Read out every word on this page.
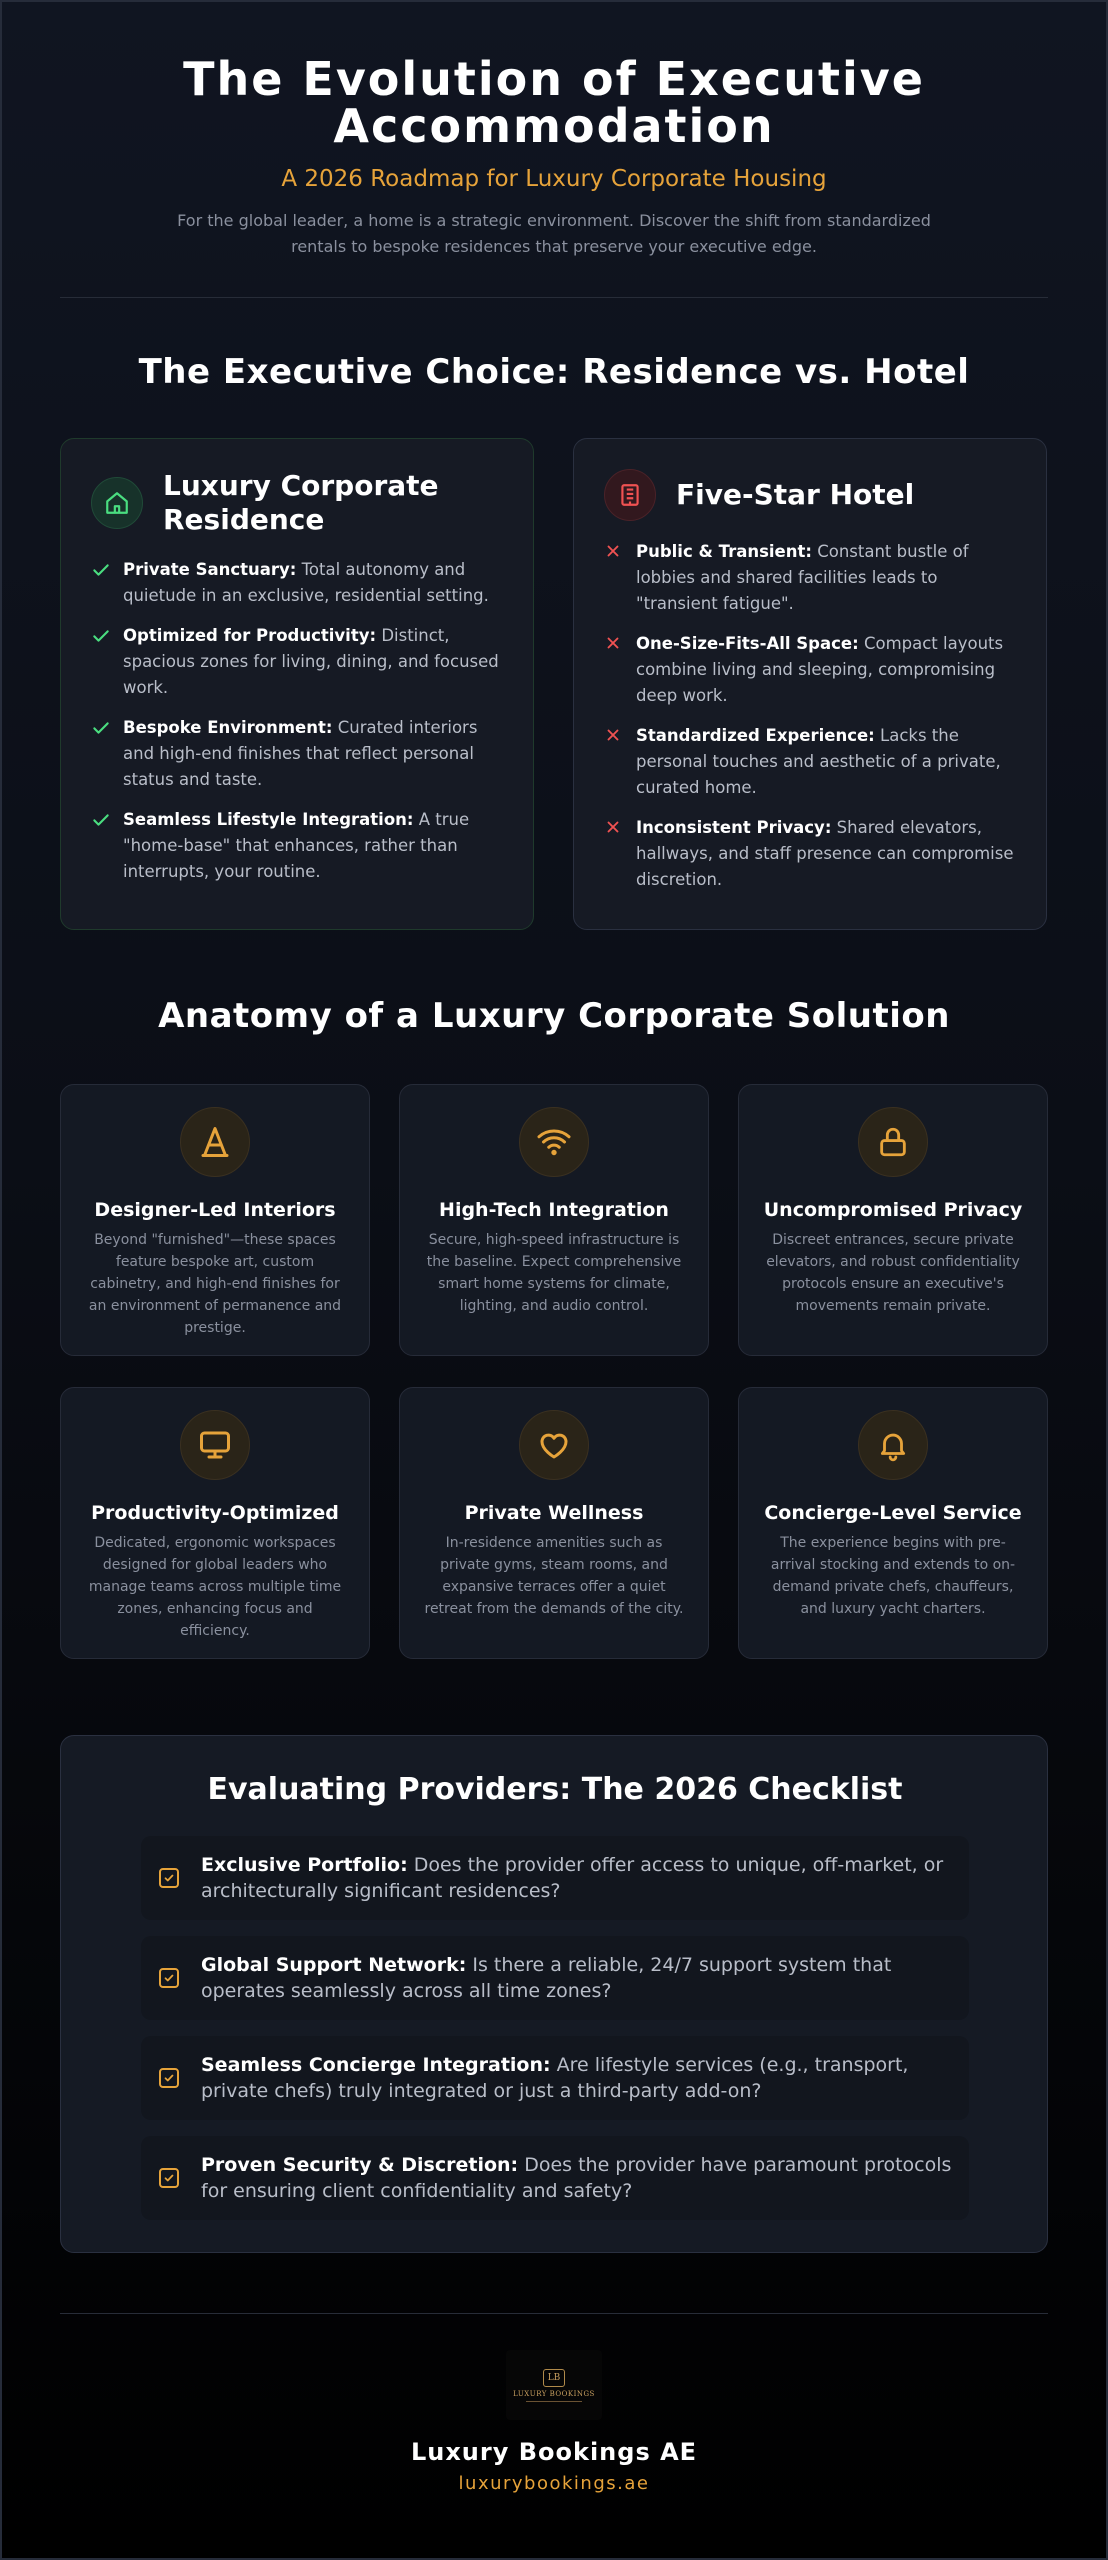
The Evolution of Executive
Accommodation
A 2026 Roadmap for Luxury Corporate Housing
For the global leader, a home is a strategic environment. Discover the shift from standardized
rentals to bespoke residences that preserve your executive edge.
The Executive Choice: Residence vs. Hotel
Luxury Corporate Residence
Private Sanctuary: Total autonomy and quietude in an exclusive, residential setting.
Optimized for Productivity: Distinct, spacious zones for living, dining, and focused work.
Bespoke Environment: Curated interiors and high-end finishes that reflect personal status and taste.
Seamless Lifestyle Integration: A true "home-base" that enhances, rather than interrupts, your routine.
Five-Star Hotel
Public & Transient: Constant bustle of lobbies and shared facilities leads to "transient fatigue".
One-Size-Fits-All Space: Compact layouts combine living and sleeping, compromising deep work.
Standardized Experience: Lacks the personal touches and aesthetic of a private, curated home.
Inconsistent Privacy: Shared elevators, hallways, and staff presence can compromise discretion.
Anatomy of a Luxury Corporate Solution
Designer-Led Interiors
Beyond "furnished"—these spaces feature bespoke art, custom cabinetry, and high-end finishes for an environment of permanence and prestige.
High-Tech Integration
Secure, high-speed infrastructure is the baseline. Expect comprehensive smart home systems for climate, lighting, and audio control.
Uncompromised Privacy
Discreet entrances, secure private elevators, and robust confidentiality protocols ensure an executive's movements remain private.
Productivity-Optimized
Dedicated, ergonomic workspaces designed for global leaders who manage teams across multiple time zones, enhancing focus and efficiency.
Private Wellness
In-residence amenities such as private gyms, steam rooms, and expansive terraces offer a quiet retreat from the demands of the city.
Concierge-Level Service
The experience begins with pre-arrival stocking and extends to on-demand private chefs, chauffeurs, and luxury yacht charters.
Evaluating Providers: The 2026 Checklist
Exclusive Portfolio: Does the provider offer access to unique, off-market, or architecturally significant residences?
Global Support Network: Is there a reliable, 24/7 support system that operates seamlessly across all time zones?
Seamless Concierge Integration: Are lifestyle services (e.g., transport, private chefs) truly integrated or just a third-party add-on?
Proven Security & Discretion: Does the provider have paramount protocols for ensuring client confidentiality and safety?
LB
LUXURY BOOKINGS
Luxury Bookings AE
luxurybookings.ae
